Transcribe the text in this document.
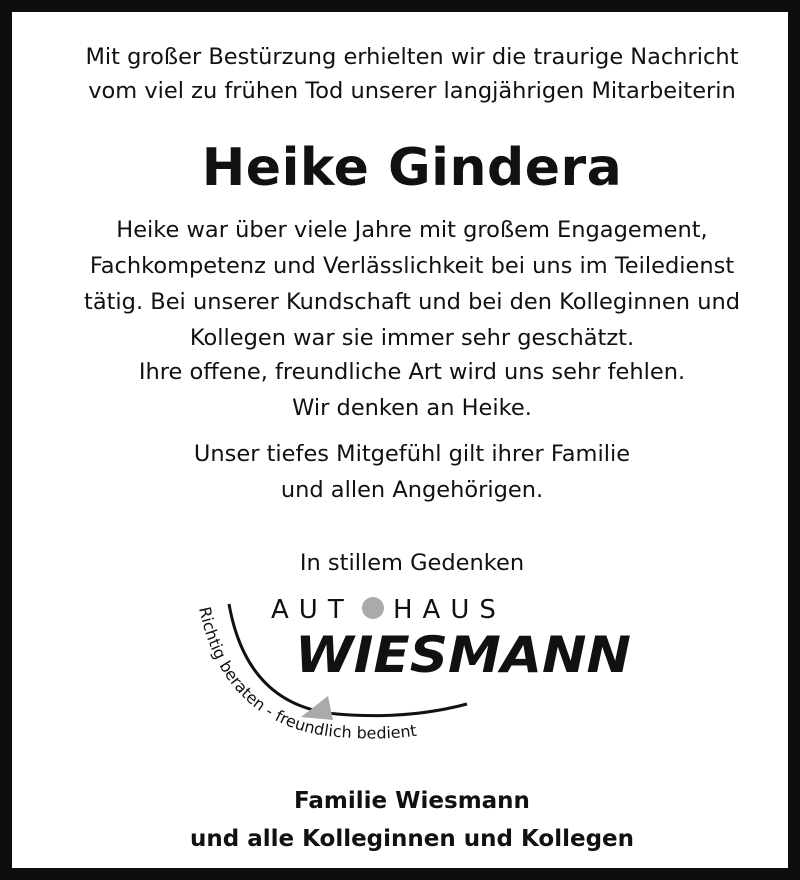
Mit großer Bestürzung erhielten wir die traurige Nachricht
vom viel zu frühen Tod unserer langjährigen Mitarbeiterin

Heike Gindera

Heike war über viele Jahre mit großem Engagement,
Fachkompetenz und Verlässlichkeit bei uns im Teiledienst
tätig. Bei unserer Kundschaft und bei den Kolleginnen und
Kollegen war sie immer sehr geschätzt.

Ihre offene, freundliche Art wird uns sehr fehlen.
Wir denken an Heike.

Unser tiefes Mitgefühl gilt ihrer Familie
und allen Angehörigen.

In stillem Gedenken

AUT HAUS
WIESMANN
Richtig beraten - freundlich bedient

Familie Wiesmann
und alle Kolleginnen und Kollegen
